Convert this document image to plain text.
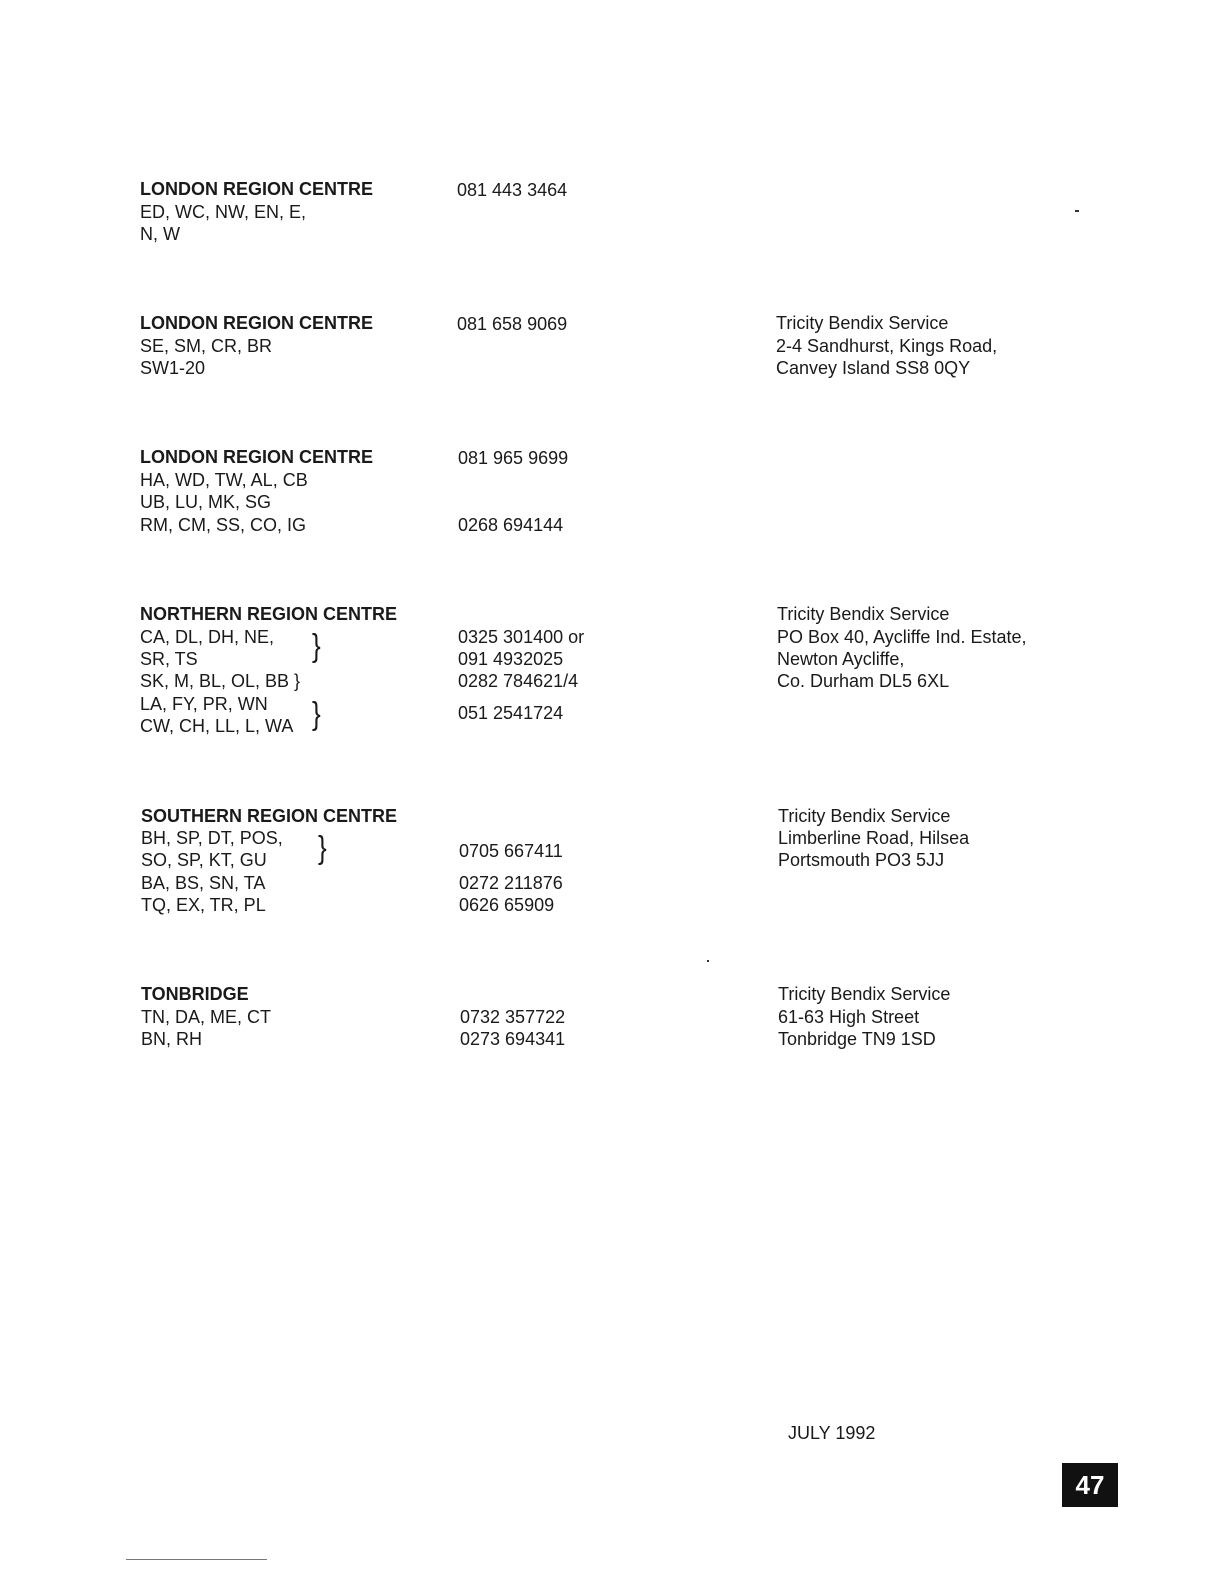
LONDON REGION CENTRE
ED, WC, NW, EN, E,
N, W
081 443 3464
LONDON REGION CENTRE
SE, SM, CR, BR
SW1-20
081 658 9069	Tricity Bendix Service
2-4 Sandhurst, Kings Road,
Canvey Island SS8 0QY
LONDON REGION CENTRE
HA, WD, TW, AL, CB
UB, LU, MK, SG
RM, CM, SS, CO, IG
081 965 9699
0268 694144
NORTHERN REGION CENTRE
CA, DL, DH, NE,
SR, TS
SK, M, BL, OL, BB }
LA, FY, PR, WN
CW, CH, LL, L, WA
}
}
0325 301400 or
091 4932025
0282 784621/4
051 2541724
Tricity Bendix Service
PO Box 40, Aycliffe Ind. Estate,
Newton Aycliffe,
Co. Durham DL5 6XL
SOUTHERN REGION CENTRE
BH, SP, DT, POS,
SO, SP, KT, GU
BA, BS, SN, TA
TQ, EX, TR, PL
}	0705 667411
0272 211876
0626 65909
Tricity Bendix Service
Limberline Road, Hilsea
Portsmouth PO3 5JJ
TONBRIDGE
TN, DA, ME, CT
BN, RH
0732 357722
0273 694341
Tricity Bendix Service
61-63 High Street
Tonbridge TN9 1SD
JULY 1992
47
